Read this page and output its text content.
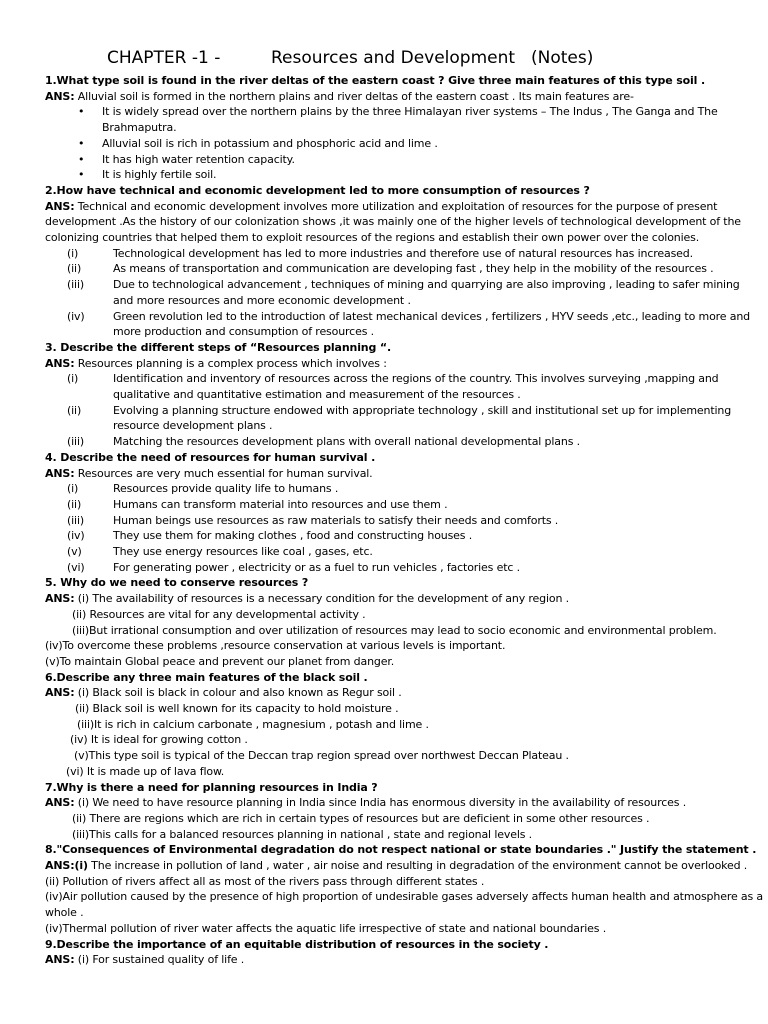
CHAPTER -1 -	Resources and Development (Notes)
1.What type soil is found in the river deltas of the eastern coast ? Give three main features of this type soil .
ANS: Alluvial soil is formed in the northern plains and river deltas of the eastern coast . Its main features are-
• It is widely spread over the northern plains by the three Himalayan river systems – The Indus , The Ganga and The
Brahmaputra.
• Alluvial soil is rich in potassium and phosphoric acid and lime .
• It has high water retention capacity.
• It is highly fertile soil.
2.How have technical and economic development led to more consumption of resources ?
ANS: Technical and economic development involves more utilization and exploitation of resources for the purpose of present
development .As the history of our colonization shows ,it was mainly one of the higher levels of technological development of the
colonizing countries that helped them to exploit resources of the regions and establish their own power over the colonies.
(i)	Technological development has led to more industries and therefore use of natural resources has increased.
(ii)	As means of transportation and communication are developing fast , they help in the mobility of the resources .
(iii)	Due to technological advancement , techniques of mining and quarrying are also improving , leading to safer mining
and more resources and more economic development .
(iv)	Green revolution led to the introduction of latest mechanical devices , fertilizers , HYV seeds ,etc., leading to more and
more production and consumption of resources .
3. Describe the different steps of “Resources planning “.
ANS: Resources planning is a complex process which involves :
(i)	Identification and inventory of resources across the regions of the country. This involves surveying ,mapping and
qualitative and quantitative estimation and measurement of the resources .
(ii)	Evolving a planning structure endowed with appropriate technology , skill and institutional set up for implementing
resource development plans .
(iii)	Matching the resources development plans with overall national developmental plans .
4. Describe the need of resources for human survival .
ANS: Resources are very much essential for human survival.
(i)	Resources provide quality life to humans .
(ii)	Humans can transform material into resources and use them .
(iii)	Human beings use resources as raw materials to satisfy their needs and comforts .
(iv)	They use them for making clothes , food and constructing houses .
(v)	They use energy resources like coal , gases, etc.
(vi)	For generating power , electricity or as a fuel to run vehicles , factories etc .
5. Why do we need to conserve resources ?
ANS: (i) The availability of resources is a necessary condition for the development of any region .
(ii) Resources are vital for any developmental activity .
(iii)But irrational consumption and over utilization of resources may lead to socio economic and environmental problem.
(iv)To overcome these problems ,resource conservation at various levels is important.
(v)To maintain Global peace and prevent our planet from danger.
6.Describe any three main features of the black soil .
ANS: (i) Black soil is black in colour and also known as Regur soil .
(ii) Black soil is well known for its capacity to hold moisture .
(iii)It is rich in calcium carbonate , magnesium , potash and lime .
(iv) It is ideal for growing cotton .
(v)This type soil is typical of the Deccan trap region spread over northwest Deccan Plateau .
(vi) It is made up of lava flow.
7.Why is there a need for planning resources in India ?
ANS: (i) We need to have resource planning in India since India has enormous diversity in the availability of resources .
(ii) There are regions which are rich in certain types of resources but are deficient in some other resources .
(iii)This calls for a balanced resources planning in national , state and regional levels .
8."Consequences of Environmental degradation do not respect national or state boundaries ." Justify the statement .
ANS:(i) The increase in pollution of land , water , air noise and resulting in degradation of the environment cannot be overlooked .
(ii) Pollution of rivers affect all as most of the rivers pass through different states .
(iv)Air pollution caused by the presence of high proportion of undesirable gases adversely affects human health and atmosphere as a
whole .
(iv)Thermal pollution of river water affects the aquatic life irrespective of state and national boundaries .
9.Describe the importance of an equitable distribution of resources in the society .
ANS: (i) For sustained quality of life .
